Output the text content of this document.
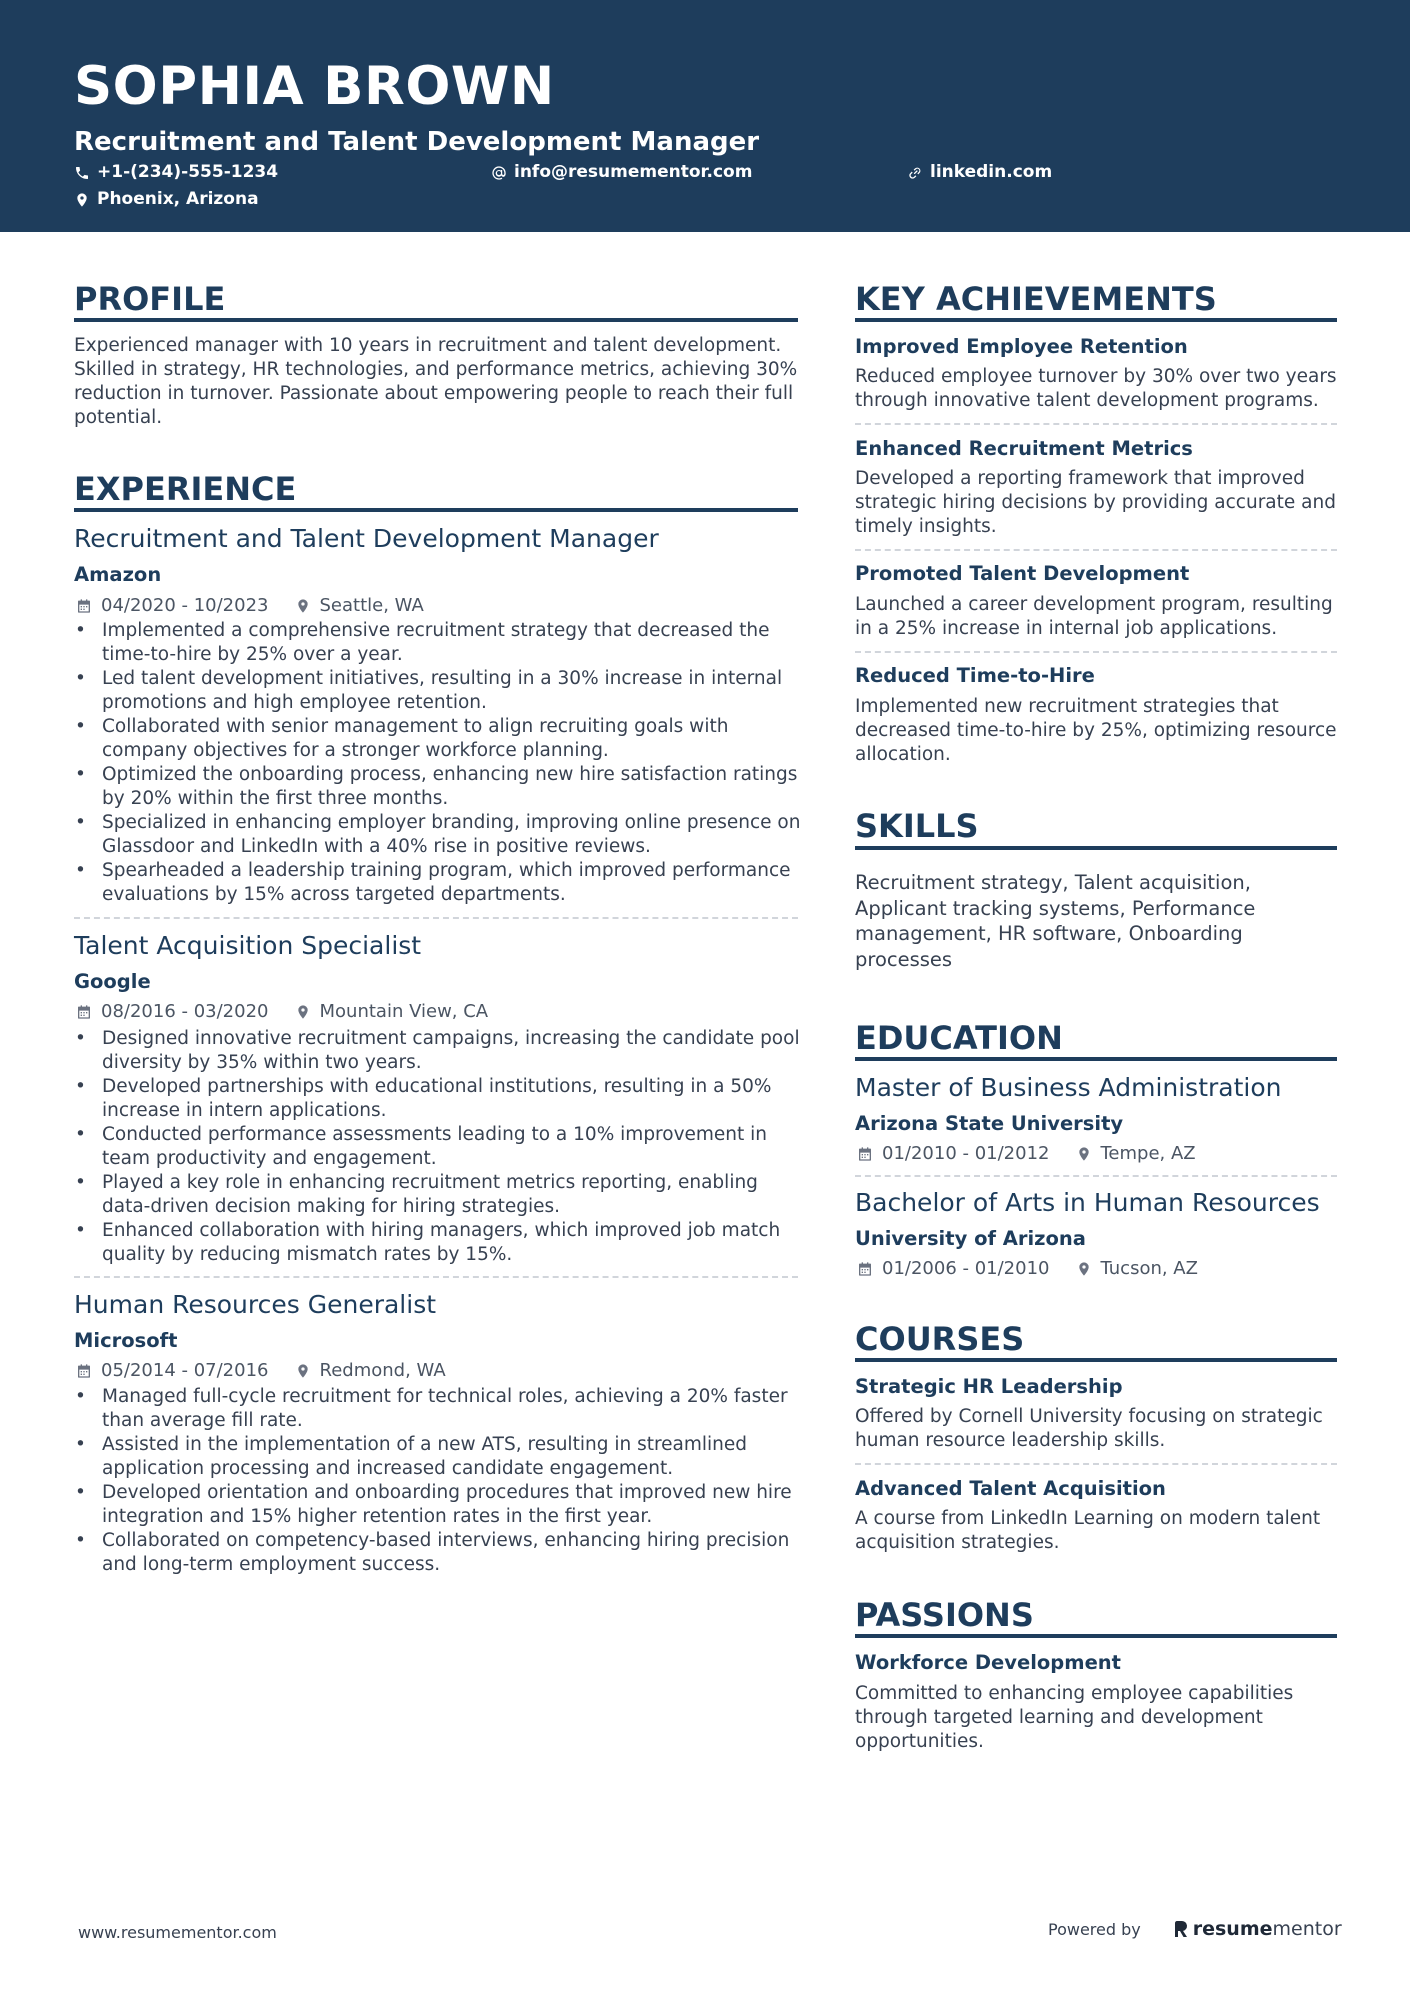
SOPHIA BROWN
Recruitment and Talent Development Manager
+1-(234)-555-1234	info@resumementor.com	linkedin.com
Phoenix, Arizona
PROFILE
Experienced manager with 10 years in recruitment and talent development.
Skilled in strategy, HR technologies, and performance metrics, achieving 30%
reduction in turnover. Passionate about empowering people to reach their full
potential.
EXPERIENCE
Recruitment and Talent Development Manager
Amazon
04/2020 - 10/2023	Seattle, WA
• Implemented a comprehensive recruitment strategy that decreased the
time-to-hire by 25% over a year.
• Led talent development initiatives, resulting in a 30% increase in internal
promotions and high employee retention.
• Collaborated with senior management to align recruiting goals with
company objectives for a stronger workforce planning.
• Optimized the onboarding process, enhancing new hire satisfaction ratings
by 20% within the first three months.
• Specialized in enhancing employer branding, improving online presence on
Glassdoor and LinkedIn with a 40% rise in positive reviews.
• Spearheaded a leadership training program, which improved performance
evaluations by 15% across targeted departments.
Talent Acquisition Specialist
Google
08/2016 - 03/2020	Mountain View, CA
• Designed innovative recruitment campaigns, increasing the candidate pool
diversity by 35% within two years.
• Developed partnerships with educational institutions, resulting in a 50%
increase in intern applications.
• Conducted performance assessments leading to a 10% improvement in
team productivity and engagement.
• Played a key role in enhancing recruitment metrics reporting, enabling
data-driven decision making for hiring strategies.
• Enhanced collaboration with hiring managers, which improved job match
quality by reducing mismatch rates by 15%.
Human Resources Generalist
Microsoft
05/2014 - 07/2016	Redmond, WA
• Managed full-cycle recruitment for technical roles, achieving a 20% faster
than average fill rate.
• Assisted in the implementation of a new ATS, resulting in streamlined
application processing and increased candidate engagement.
• Developed orientation and onboarding procedures that improved new hire
integration and 15% higher retention rates in the first year.
• Collaborated on competency-based interviews, enhancing hiring precision
and long-term employment success.
KEY ACHIEVEMENTS
Improved Employee Retention
Reduced employee turnover by 30% over two years
through innovative talent development programs.
Enhanced Recruitment Metrics
Developed a reporting framework that improved
strategic hiring decisions by providing accurate and
timely insights.
Promoted Talent Development
Launched a career development program, resulting
in a 25% increase in internal job applications.
Reduced Time-to-Hire
Implemented new recruitment strategies that
decreased time-to-hire by 25%, optimizing resource
allocation.
SKILLS
Recruitment strategy, Talent acquisition,
Applicant tracking systems, Performance
management, HR software, Onboarding
processes
EDUCATION
Master of Business Administration
Arizona State University
01/2010 - 01/2012	Tempe, AZ
Bachelor of Arts in Human Resources
University of Arizona
01/2006 - 01/2010	Tucson, AZ
COURSES
Strategic HR Leadership
Offered by Cornell University focusing on strategic
human resource leadership skills.
Advanced Talent Acquisition
A course from LinkedIn Learning on modern talent
acquisition strategies.
PASSIONS
Workforce Development
Committed to enhancing employee capabilities
through targeted learning and development
opportunities.
www.resumementor.com	Powered by	resume mentor
